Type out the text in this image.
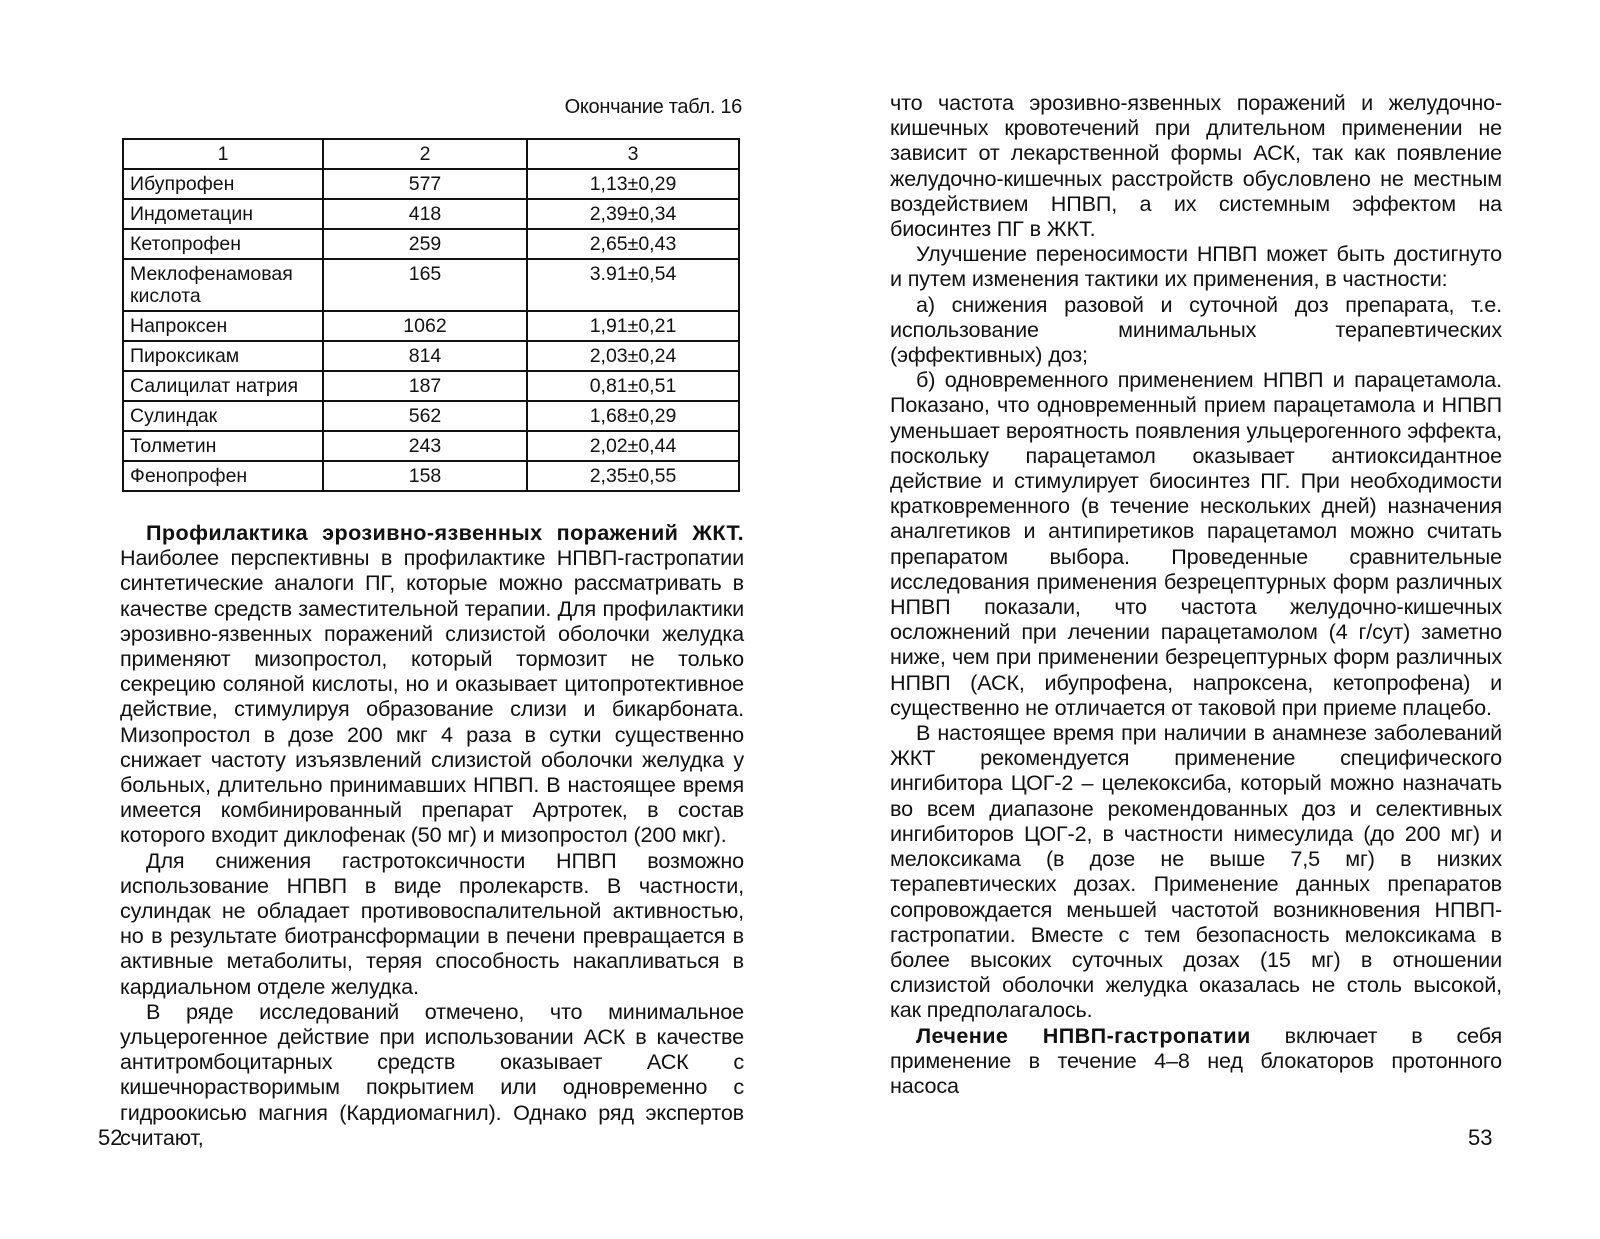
Окончание табл. 16
1	2	3
Ибупрофен	577	1,13±0,29
Индометацин	418	2,39±0,34
Кетопрофен	259	2,65±0,43
Меклофенамовая кислота	165	3.91±0,54
Напроксен	1062	1,91±0,21
Пироксикам	814	2,03±0,24
Салицилат натрия	187	0,81±0,51
Сулиндак	562	1,68±0,29
Толметин	243	2,02±0,44
Фенопрофен	158	2,35±0,55

Профилактика эрозивно-язвенных поражений ЖКТ. Наиболее перспективны в профилактике НПВП-гастропатии синтетические аналоги ПГ, которые можно рассматривать в качестве средств заместительной терапии. Для профилактики эрозивно-язвенных поражений слизистой оболочки желудка применяют мизопростол, который тормозит не только секрецию соляной кислоты, но и оказывает цитопротективное действие, стимулируя образование слизи и бикарбоната. Мизопростол в дозе 200 мкг 4 раза в сутки существенно снижает частоту изъязвлений слизистой оболочки желудка у больных, длительно принимавших НПВП. В настоящее время имеется комбинированный препарат Артротек, в состав которого входит диклофенак (50 мг) и мизопростол (200 мкг).

Для снижения гастротоксичности НПВП возможно использование НПВП в виде пролекарств. В частности, сулиндак не обладает противовоспалительной активностью, но в результате биотрансформации в печени превращается в активные метаболиты, теряя способность накапливаться в кардиальном отделе желудка.

В ряде исследований отмечено, что минимальное ульцерогенное действие при использовании АСК в качестве антитромбоцитарных средств оказывает АСК с кишечнорастворимым покрытием или одновременно с гидроокисью магния (Кардиомагнил). Однако ряд экспертов считают,

52

что частота эрозивно-язвенных поражений и желудочно-кишечных кровотечений при длительном применении не зависит от лекарственной формы АСК, так как появление желудочно-кишечных расстройств обусловлено не местным воздействием НПВП, а их системным эффектом на биосинтез ПГ в ЖКТ.

Улучшение переносимости НПВП может быть достигнуто и путем изменения тактики их применения, в частности:

а) снижения разовой и суточной доз препарата, т.е. использование минимальных терапевтических (эффективных) доз;

б) одновременного применением НПВП и парацетамола. Показано, что одновременный прием парацетамола и НПВП уменьшает вероятность появления ульцерогенного эффекта, поскольку парацетамол оказывает антиоксидантное действие и стимулирует биосинтез ПГ. При необходимости кратковременного (в течение нескольких дней) назначения аналгетиков и антипиретиков парацетамол можно считать препаратом выбора. Проведенные сравнительные исследования применения безрецептурных форм различных НПВП показали, что частота желудочно-кишечных осложнений при лечении парацетамолом (4 г/сут) заметно ниже, чем при применении безрецептурных форм различных НПВП (АСК, ибупрофена, напроксена, кетопрофена) и существенно не отличается от таковой при приеме плацебо.

В настоящее время при наличии в анамнезе заболеваний ЖКТ рекомендуется применение специфического ингибитора ЦОГ-2 – целекоксиба, который можно назначать во всем диапазоне рекомендованных доз и селективных ингибиторов ЦОГ-2, в частности нимесулида (до 200 мг) и мелоксикама (в дозе не выше 7,5 мг) в низких терапевтических дозах. Применение данных препаратов сопровождается меньшей частотой возникновения НПВП-гастропатии. Вместе с тем безопасность мелоксикама в более высоких суточных дозах (15 мг) в отношении слизистой оболочки желудка оказалась не столь высокой, как предполагалось.

Лечение НПВП-гастропатии включает в себя применение в течение 4–8 нед блокаторов протонного насоса

53
